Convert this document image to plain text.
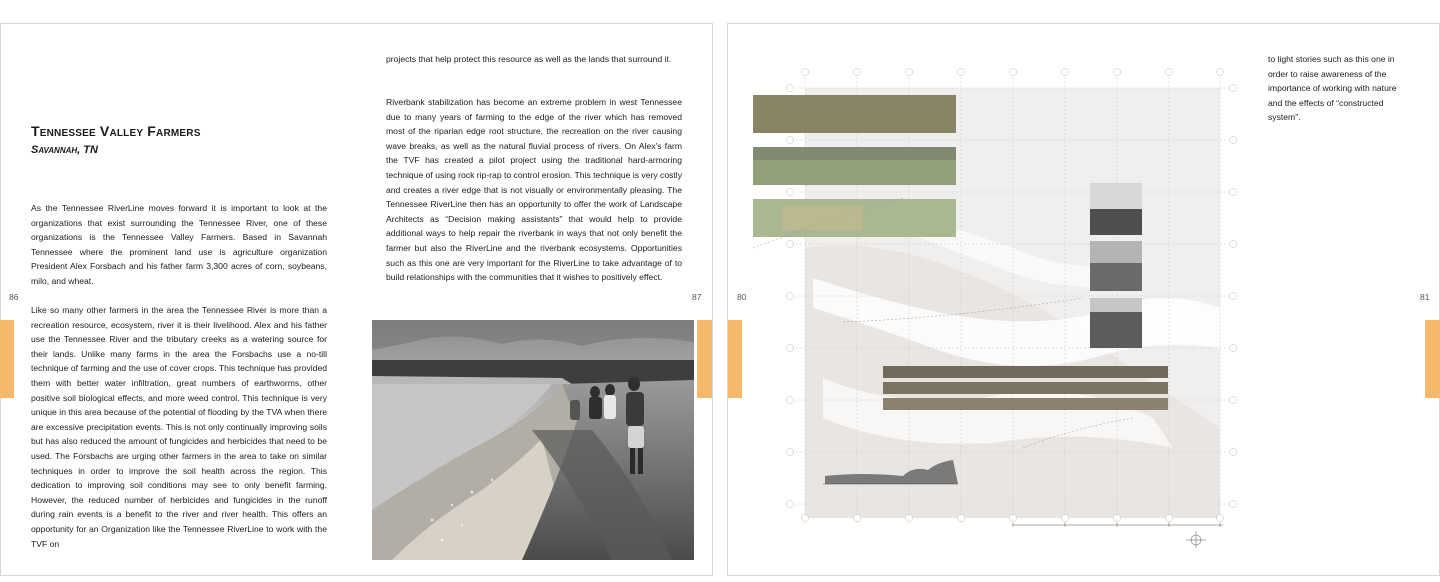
Tennessee Valley Farmers
Savannah, TN

As the Tennessee RiverLine moves forward it is important to look at the organizations that exist surrounding the Tennessee River, one of these organizations is the Tennessee Valley Farmers. Based in Savannah Tennessee where the prominent land use is agriculture organization President Alex Forsbach and his father farm 3,300 acres of corn, soybeans, milo, and wheat.

Like so many other farmers in the area the Tennessee River is more than a recreation resource, ecosystem, river it is their livelihood. Alex and his father use the Tennessee River and the tributary creeks as a watering source for their lands. Unlike many farms in the area the Forsbachs use a no-till technique of farming and the use of cover crops. This technique has provided them with better water infiltration, great numbers of earthworms, other positive soil biological effects, and more weed control. This technique is very unique in this area because of the potential of flooding by the TVA when there are excessive precipitation events. This is not only continually improving soils but has also reduced the amount of fungicides and herbicides that need to be used. The Forsbachs are urging other farmers in the area to take on similar techniques in order to improve the soil health across the region. This dedication to improving soil conditions may see to only benefit farming. However, the reduced number of herbicides and fungicides in the runoff during rain events is a benefit to the river and river health. This offers an opportunity for an Organization like the Tennessee RiverLine to work with the TVF on

projects that help protect this resource as well as the lands that surround it.

Riverbank stabilization has become an extreme problem in west Tennessee due to many years of farming to the edge of the river which has removed most of the riparian edge root structure, the recreation on the river causing wave breaks, as well as the natural fluvial process of rivers. On Alex's farm the TVF has created a pilot project using the traditional hard-armoring technique of using rock rip-rap to control erosion. This technique is very costly and creates a river edge that is not visually or environmentally pleasing. The Tennessee RiverLine then has an opportunity to offer the work of Landscape Architects as “Decision making assistants” that would help to provide additional ways to help repair the riverbank in ways that not only benefit the farmer but also the RiverLine and the riverbank ecosystems. Opportunities such as this one are very important for the RiverLine to take advantage of to build relationships with the communities that it wishes to positively effect.

86	87	80	81

to light stories such as this one in order to raise awareness of the importance of working with nature and the effects of “constructed system”.
